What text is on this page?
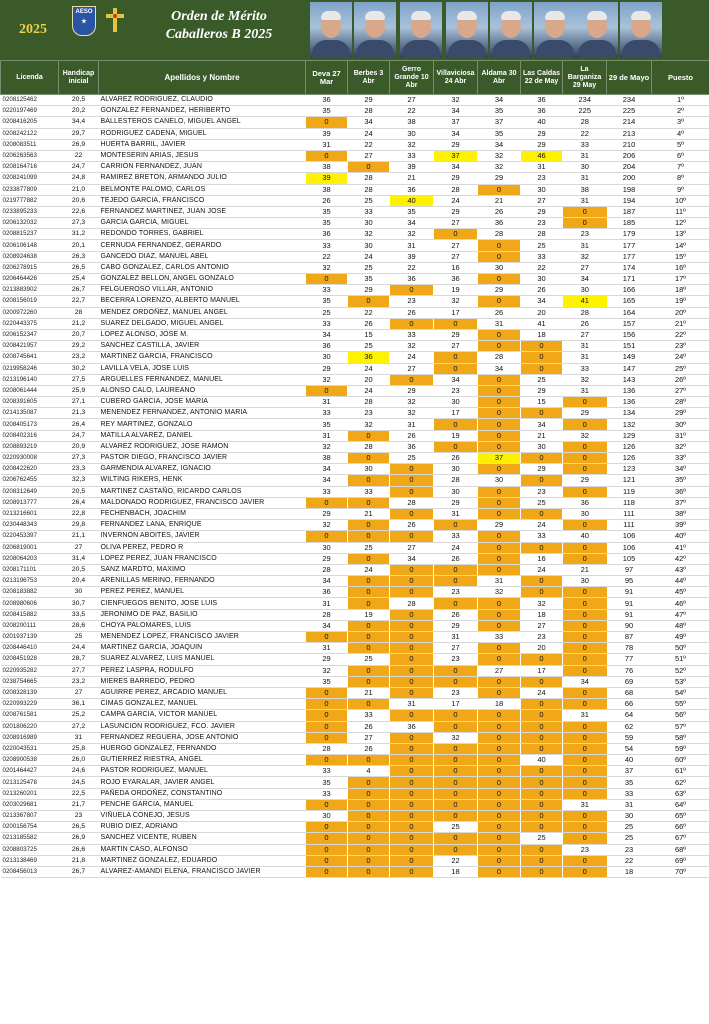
2025
AESO
★	Orden de Mérito
Caballeros B 2025
Licenda	Handicap inicial	Apellidos y Nombre	Deva 27 Mar	Berbes 3 Abr	Gerro Grande 10 Abr	Villaviciosa 24 Abr	Aldama 30 Abr	Las Caldas 22 de May	La Barganiza 29 May	29 de Mayo	Puesto
0208125462	20,5	ALVAREZ RODRIGUEZ, CLAUDIO	36	29	27	32	34	36	234	234	1º
0220197469	20,2	GONZALEZ FERNANDEZ, HERIBERTO	35	28	22	34	35	36	225	225	2º
0208416205	34,4	BALLESTEROS CANELO, MIGUEL ANGEL	0	34	38	37	37	40	28	214	3º
0208242122	29,7	RODRIGUEZ CADENA, MIGUEL	39	24	30	34	35	29	22	213	4º
0208083511	26,9	HUERTA BARRIL, JAVIER	31	22	32	29	34	29	33	210	5º
0206263563	22	MONTESERIN ARIAS, JESUS	0	27	33	37	32	46	31	206	6º
0208164716	24,7	CARRION FERNANDEZ, JUAN	38	0	39	34	32	31	30	204	7º
0208241099	24,8	RAMIREZ BRETON, ARMANDO JULIO	39	28	21	29	29	23	31	200	8º
0233877809	21,0	BELMONTE PALOMO, CARLOS	38	28	36	28	0	30	38	198	9º
0219777882	20,6	TEJEDO GARCIA, FRANCISCO	26	25	40	24	21	27	31	194	10º
0233895233	22,6	FERNANDEZ MARTINEZ, JUAN JOSE	35	33	35	29	26	29	0	187	11º
0206132032	27,3	GARCIA GARCIA, MIGUEL	35	30	34	27	36	23	0	185	12º
0208815237	31,2	REDONDO TORRES, GABRIEL	36	32	32	0	28	28	23	179	13º
0206106148	20,1	CERNUDA FERNANDEZ, GERARDO	33	30	31	27	0	25	31	177	14º
0208924638	26,3	GANCEDO DIAZ, MANUEL ABEL	22	24	39	27	0	33	32	177	15º
0206278915	26,5	CABO GONZALEZ, CARLOS ANTONIO	32	25	22	16	30	22	27	174	16º
0206464426	25,4	GONZALEZ BELLON, ANGEL GONZALO	0	35	36	36	0	30	34	171	17º
0213883902	26,7	FELGUEROSO VILLAR, ANTONIO	33	29	0	19	29	26	30	166	18º
0208156019	22,7	BECERRA LORENZO, ALBERTO MANUEL	35	0	23	32	0	34	41	165	19º
0200972260	28	MENDEZ ORDOÑEZ, MANUEL ANGEL	25	22	26	17	26	20	28	164	20º
0220443375	21,2	SUAREZ DELGADO, MIGUEL ANGEL	33	26	0	0	31	41	26	157	21º
0206152347	20,7	LOPEZ ALONSO, JOSE M.	34	15	33	29	0	18	27	156	22º
0208421957	29,2	SANCHEZ CASTILLA, JAVIER	36	25	32	27	0	0	31	151	23º
0208745641	23,2	MARTINEZ GARCIA, FRANCISCO	30	36	24	0	28	0	31	149	24º
0219958246	30,2	LAVILLA VELA, JOSE LUIS	29	24	27	0	34	0	33	147	25º
0213196140	27,5	ARGÜELLES FERNANDEZ, MANUEL	32	20	0	34	0	25	32	143	26º
0208061444	25,9	ALONSO CALO, LAUREANO	0	24	29	23	0	29	31	136	27º
0208391605	27,1	CUBERO GARCIA, JOSE MARIA	31	28	32	30	0	15	0	136	28º
0214135087	21,3	MENENDEZ FERNANDEZ, ANTONIO MARIA	33	23	32	17	0	0	29	134	29º
0208405173	26,4	REY MARTINEZ, GONZALO	35	32	31	0	0	34	0	132	30º
0208402316	24,7	MATILLA ALVAREZ, DANIEL	31	0	26	19	0	21	32	129	31º
0208893219	20,9	ALVAREZ RODRIGUEZ, JOSE RAMON	32	28	36	0	0	30	0	126	32º
0220930008	27,3	PASTOR DIEGO, FRANCISCO JAVIER	38	0	25	26	37	0	0	126	33º
0208422620	23,3	GARMENDIA ALVAREZ, IGNACIO	34	30	0	30	0	29	0	123	34º
0206762455	32,3	WILTING RIKERS, HENK	34	0	0	28	30	0	29	121	35º
0208312649	20,5	MARTINEZ CASTAÑO, RICARDO CARLOS	33	33	0	30	0	23	0	119	36º
0208913777	26,4	MALDONADO RODRIGUEZ, FRANCISCO JAVIER	0	0	28	29	0	25	36	118	37º
0213216601	22,8	FECHENBACH, JOACHIM	29	21	0	31	0	0	30	111	38º
0230448343	29,8	FERNANDEZ LANA, ENRIQUE	32	0	26	0	29	24	0	111	39º
0220453397	21,1	INVERNON ABOITES, JAVIER	0	0	0	33	0	33	40	106	40º
0206819001	27	OLIVA PEREZ, PEDRO R	30	25	27	24	0	0	0	106	41º
0208064203	31,4	LOPEZ PEREZ, JUAN FRANCISCO	29	0	34	26	0	16	0	105	42º
0208171101	20,5	SANZ MARDTO, MAXIMO	28	24	0	0	0	24	21	97	43º
0213196753	20,4	ARENILLAS MERINO, FERNANDO	34	0	0	0	31	0	30	95	44º
0208183882	30	PEREZ PEREZ, MANUEL	36	0	0	23	32	0	0	91	45º
0208980606	30,7	CIENFUEGOS BENITO, JOSE LUIS	31	0	28	0	0	32	0	91	46º
0208415882	33,5	JERONIMO DE PAZ, BASILIO	28	19	0	26	0	18	0	91	47º
0208200111	28,6	CHOYA PALOMARES, LUIS	34	0	0	29	0	27	0	90	48º
0201937139	25	MENENDEZ LOPEZ, FRANCISCO JAVIER	0	0	0	31	33	23	0	87	49º
0208446410	24,4	MARTINEZ GARCIA, JOAQUIN	31	0	0	27	0	20	0	78	50º
0208451928	28,7	SUAREZ ALVAREZ, LUIS MANUEL	29	25	0	23	0	0	0	77	51º
0220935282	27,7	PEREZ LASPRA, RODULFO	32	0	0	0	27	17	0	76	52º
0238754665	23,2	MIERES BARREDO, PEDRO	35	0	0	0	0	0	34	69	53º
0208328139	27	AGUIRRE PEREZ, ARCADIO MANUEL	0	21	0	23	0	24	0	68	54º
0220993229	36,1	CIMAS GONZALEZ, MANUEL	0	0	31	17	18	0	0	66	55º
0208761581	25,2	CAMPA GARCIA, VICTOR MANUEL	0	33	0	0	0	0	31	64	56º
0201806220	27,2	LASUNCION RODRIGUEZ, FCO. JAVIER	0	26	36	0	0	0	0	62	57º
0208916989	31	FERNANDEZ REGUERA, JOSE ANTONIO	0	27	0	32	0	0	0	59	58º
0220043531	25,8	HUERGO GONZALEZ, FERNANDO	28	26	0	0	0	0	0	54	59º
0208900538	26,0	GUTIERREZ RIESTRA, ANGEL	0	0	0	0	0	40	0	40	60º
0201464427	24,6	PASTOR RODRIGUEZ, MANUEL	33	4	0	0	0	0	0	37	61º
0213125478	24,5	ROJO EYARALAR, JAVIER ANGEL	35	0	0	0	0	0	0	35	62º
0213260201	22,5	PAÑEDA ORDOÑEZ, CONSTANTINO	33	0	0	0	0	0	0	33	63º
0203029681	21,7	PENCHE GARCIA, MANUEL	0	0	0	0	0	0	31	31	64º
0213367807	23	VIÑUELA CONEJO, JESUS	30	0	0	0	0	0	0	30	65º
0200156754	26,5	RUBIO DIEZ, ADRIANO	0	0	0	25	0	0	0	25	66º
0213185582	26,9	SANCHEZ VICENTE, RUBEN	0	0	0	0	0	25	0	25	67º
0208803725	26,6	MARTIN CASO, ALFONSO	0	0	0	0	0	0	23	23	68º
0213138469	21,8	MARTINEZ GONZALEZ, EDUARDO	0	0	0	22	0	0	0	22	69º
0208456013	26,7	ALVAREZ-AMANDI ELENA, FRANCISCO JAVIER	0	0	0	18	0	0	0	18	70º
